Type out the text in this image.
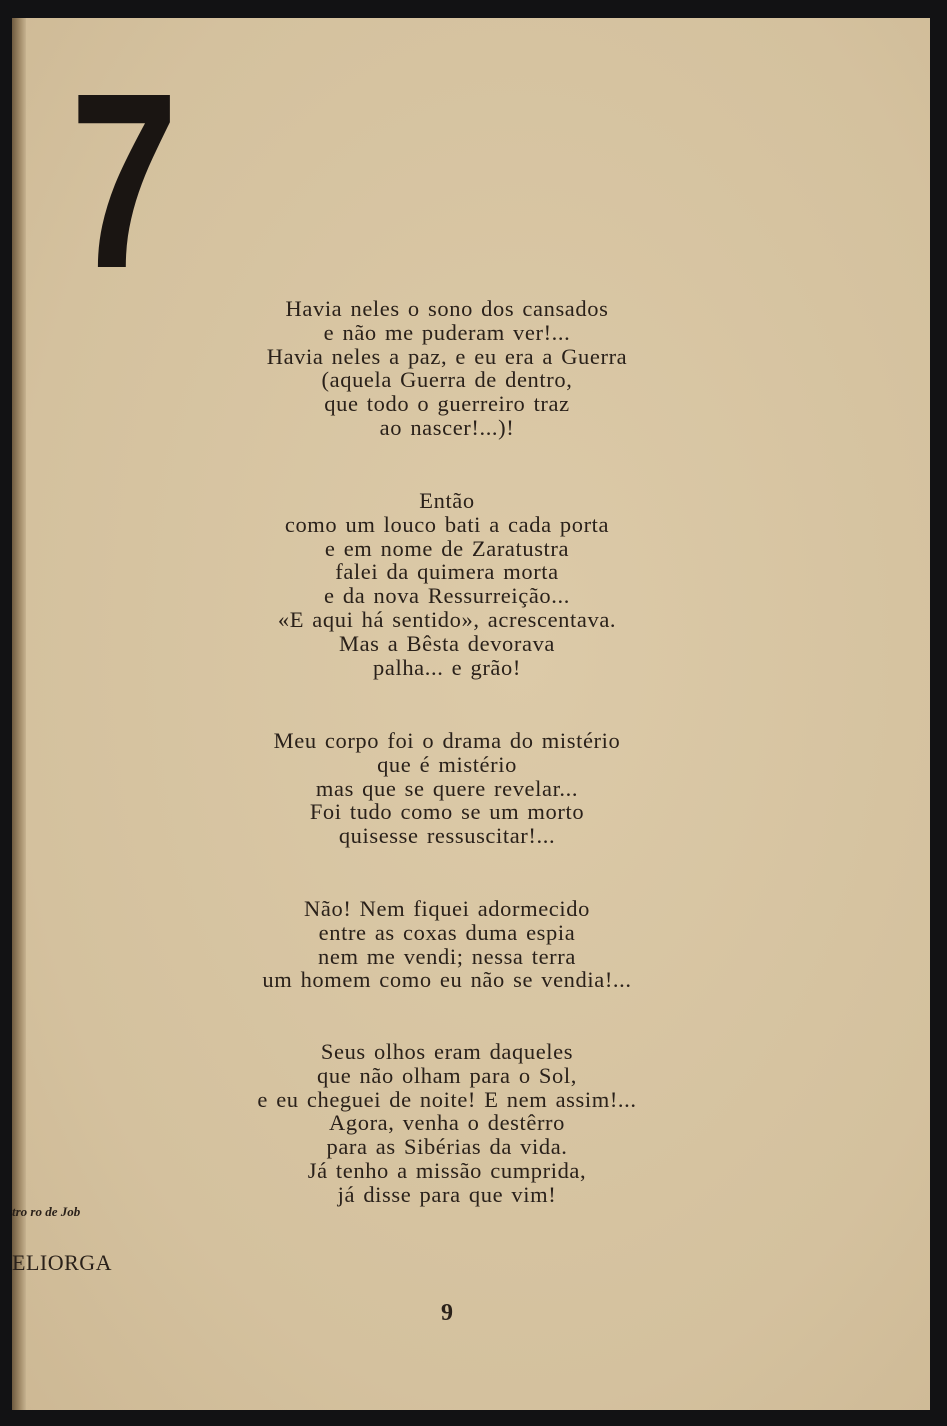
7	Havia neles o sono dos cansados
e não me puderam ver!...
Havia neles a paz, e eu era a Guerra
(aquela Guerra de dentro,
que todo o guerreiro traz
ao nascer!...)!
Então
como um louco bati a cada porta
e em nome de Zaratustra
falei da quimera morta
e da nova Ressurreição...
«E aqui há sentido», acrescentava.
Mas a Bêsta devorava
palha... e grão!
Meu corpo foi o drama do mistério
que é mistério
mas que se quere revelar...
Foi tudo como se um morto
quisesse ressuscitar!...
Não! Nem fiquei adormecido
entre as coxas duma espia
nem me vendi; nessa terra
um homem como eu não se vendia!...
Seus olhos eram daqueles
que não olham para o Sol,
e eu cheguei de noite! E nem assim!...
Agora, venha o destêrro
para as Sibérias da vida.
Já tenho a missão cumprida,
já disse para que vim!

tro ro de Job

ELIORGA

9
